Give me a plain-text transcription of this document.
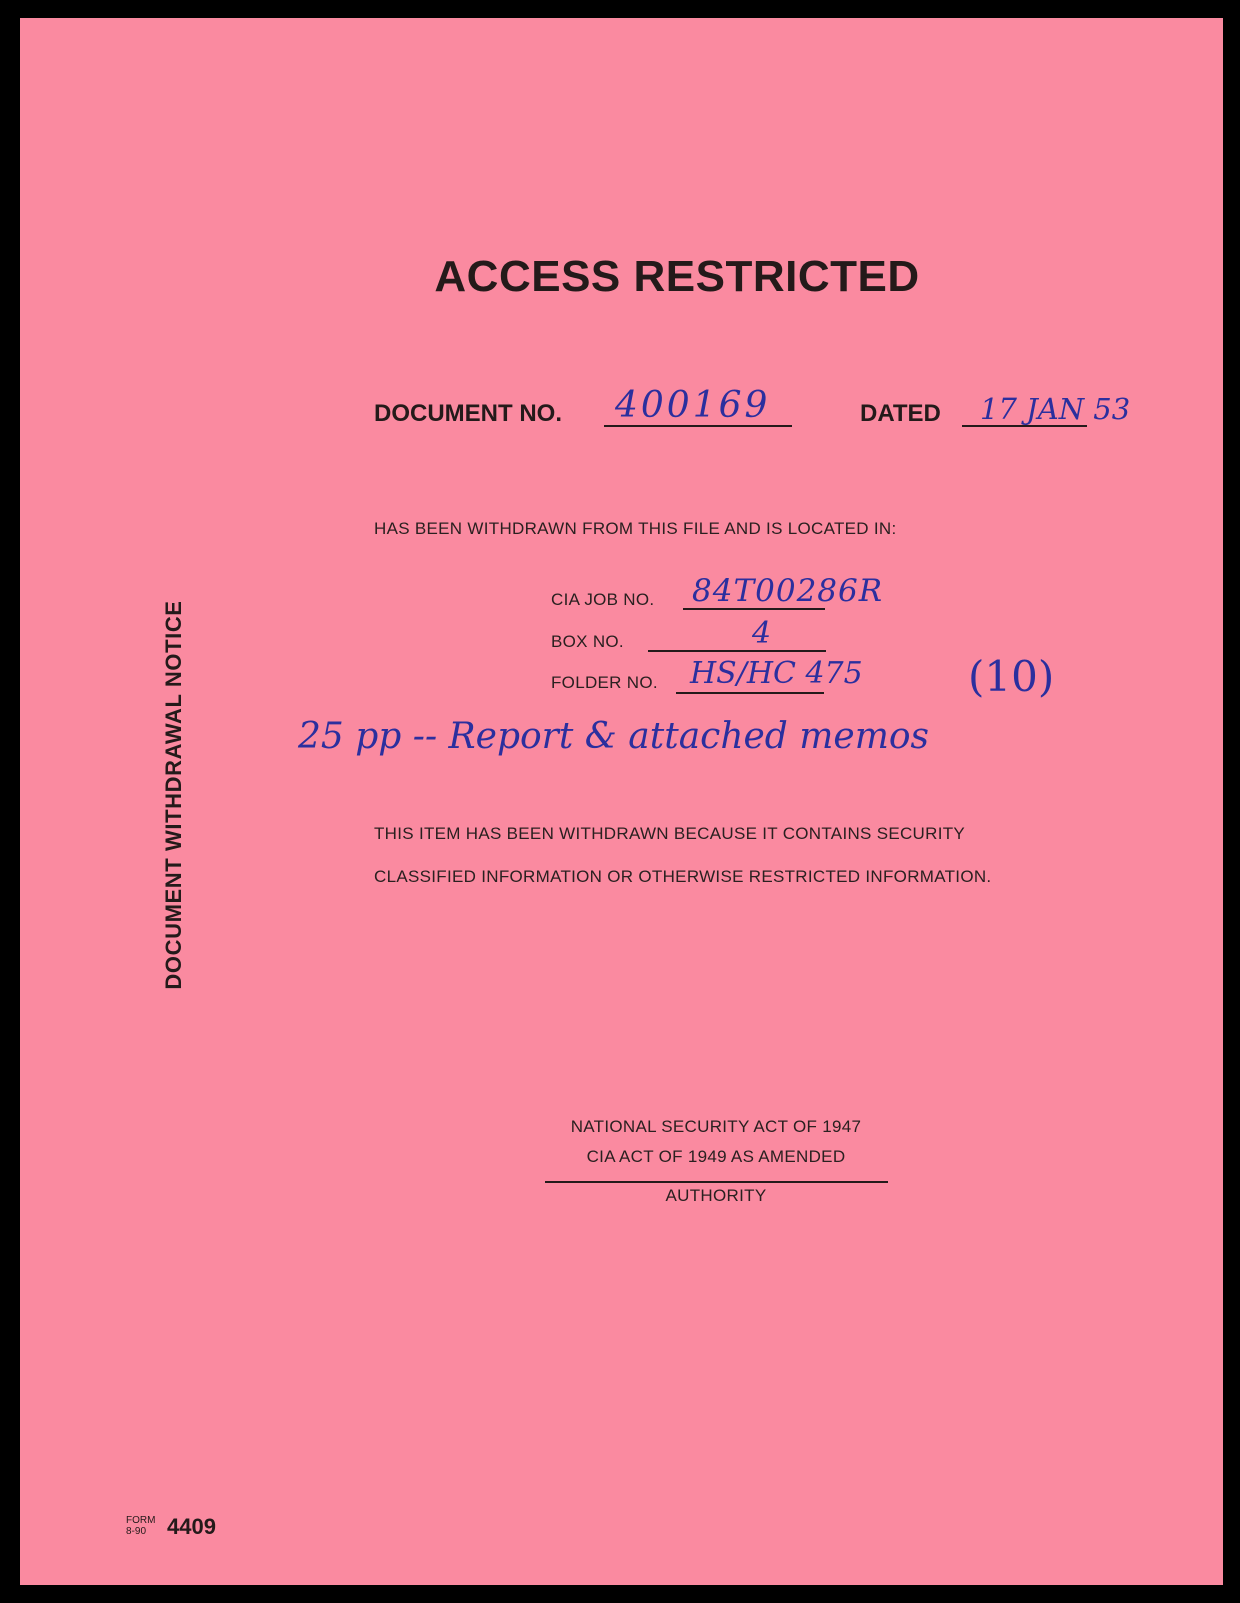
ACCESS RESTRICTED
DOCUMENT NO. 400169	DATED 17 JAN 53
HAS BEEN WITHDRAWN FROM THIS FILE AND IS LOCATED IN:
CIA JOB NO. 84T00286R
BOX NO.	4
FOLDER NO. HS/HC 475	(10)
25 pp -- Report & attached memos
THIS ITEM HAS BEEN WITHDRAWN BECAUSE IT CONTAINS SECURITY
CLASSIFIED INFORMATION OR OTHERWISE RESTRICTED INFORMATION.
NATIONAL SECURITY ACT OF 1947
CIA ACT OF 1949 AS AMENDED
AUTHORITY
DOCUMENT WITHDRAWAL NOTICE
FORM
8-90 4409
